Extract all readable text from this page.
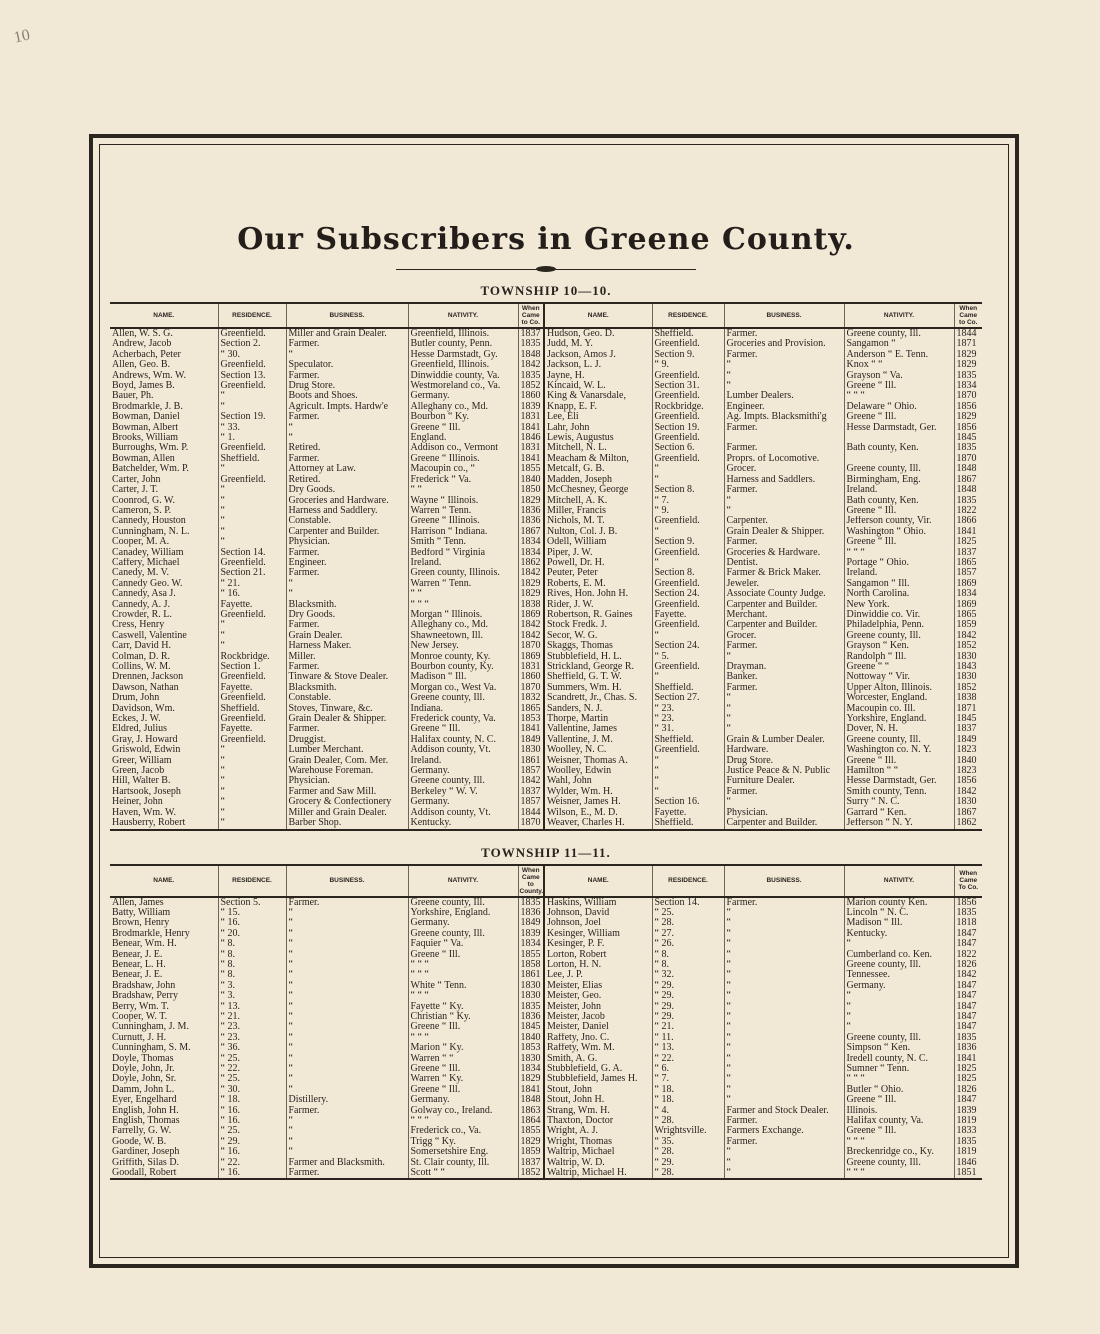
10
Our Subscribers in Greene County.
TOWNSHIP 10—10.
NAME.	RESIDENCE.	BUSINESS.	NATIVITY.	When Came to Co.	NAME.	RESIDENCE.	BUSINESS.	NATIVITY.	When Came to Co.
Allen, W. S. G.	Greenfield.	Miller and Grain Dealer.	Greenfield, Illinois.	1837	Hudson, Geo. D.	Sheffield.	Farmer.	Greene county, Ill.	1844
Andrew, Jacob	Section 2.	Farmer.	Butler county, Penn.	1835	Judd, M. Y.	Greenfield.	Groceries and Provision.	Sangamon “	1871
Acherbach, Peter	“ 30.	“	Hesse Darmstadt, Gy.	1848	Jackson, Amos J.	Section 9.	Farmer.	Anderson “ E. Tenn.	1829
Allen, Geo. B.	Greenfield.	Speculator.	Greenfield, Illinois.	1842	Jackson, L. J.	“ 9.	“	Knox “ “	1829
Andrews, Wm. W.	Section 13.	Farmer.	Dinwiddie county, Va.	1835	Jayne, H.	Greenfield.	“	Grayson “ Va.	1835
Boyd, James B.	Greenfield.	Drug Store.	Westmoreland co., Va.	1852	Kincaid, W. L.	Section 31.	“	Greene “ Ill.	1834
Bauer, Ph.	“	Boots and Shoes.	Germany.	1860	King & Vanarsdale,	Greenfield.	Lumber Dealers.	“ “ “	1870
Brodmarkle, J. B.	“	Agricult. Impts. Hardw'e	Alleghany co., Md.	1839	Knapp, E. F.	Rockbridge.	Engineer.	Delaware “ Ohio.	1856
Bowman, Daniel	Section 19.	Farmer.	Bourbon “ Ky.	1831	Lee, Eli	Greenfield.	Ag. Impts. Blacksmithi'g	Greene “ Ill.	1829
Bowman, Albert	“ 33.	“	Greene “ Ill.	1841	Lahr, John	Section 19.	Farmer.	Hesse Darmstadt, Ger.	1856
Brooks, William	“ 1.	“	England.	1846	Lewis, Augustus	Greenfield.			1845
Burroughs, Wm. P.	Greenfield.	Retired.	Addison co., Vermont	1831	Mitchell, N. L.	Section 6.	Farmer.	Bath county, Ken.	1835
Bowman, Allen	Sheffield.	Farmer.	Greene “ Illinois.	1841	Meacham & Milton,	Greenfield.	Proprs. of Locomotive.		1870
Batchelder, Wm. P.	“	Attorney at Law.	Macoupin co., “	1855	Metcalf, G. B.	“	Grocer.	Greene county, Ill.	1848
Carter, John	Greenfield.	Retired.	Frederick “ Va.	1840	Madden, Joseph	“	Harness and Saddlers.	Birmingham, Eng.	1867
Carter, J. T.	“	Dry Goods.	“ “	1850	McChesney, George	Section 8.	Farmer.	Ireland.	1848
Coonrod, G. W.	“	Groceries and Hardware.	Wayne “ Illinois.	1829	Mitchell, A. K.	“ 7.	“	Bath county, Ken.	1835
Cameron, S. P.	“	Harness and Saddlery.	Warren “ Tenn.	1836	Miller, Francis	“ 9.	“	Greene “ Ill.	1822
Cannedy, Houston	“	Constable.	Greene “ Illinois.	1836	Nichols, M. T.	Greenfield.	Carpenter.	Jefferson county, Vir.	1866
Cunningham, N. L.	“	Carpenter and Builder.	Harrison “ Indiana.	1867	Nulton, Col. J. B.	“	Grain Dealer & Shipper.	Washington “ Ohio.	1841
Cooper, M. A.	“	Physician.	Smith “ Tenn.	1834	Odell, William	Section 9.	Farmer.	Greene “ Ill.	1825
Canadey, William	Section 14.	Farmer.	Bedford “ Virginia	1834	Piper, J. W.	Greenfield.	Groceries & Hardware.	“ “ “	1837
Caffery, Michael	Greenfield.	Engineer.	Ireland.	1862	Powell, Dr. H.	“	Dentist.	Portage “ Ohio.	1865
Canedy, M. V.	Section 21.	Farmer.	Green county, Illinois.	1842	Peuter, Peter	Section 8.	Farmer & Brick Maker.	Ireland.	1857
Cannedy Geo. W.	“ 21.	“	Warren “ Tenn.	1829	Roberts, E. M.	Greenfield.	Jeweler.	Sangamon “ Ill.	1869
Cannedy, Asa J.	“ 16.	“	“ “	1829	Rives, Hon. John H.	Section 24.	Associate County Judge.	North Carolina.	1834
Cannedy, A. J.	Fayette.	Blacksmith.	“ “ “	1838	Rider, J. W.	Greenfield.	Carpenter and Builder.	New York.	1869
Crowder, R. L.	Greenfield.	Dry Goods.	Morgan “ Illinois.	1869	Robertson, R. Gaines	Fayette.	Merchant.	Dinwiddie co. Vir.	1865
Cress, Henry	“	Farmer.	Alleghany co., Md.	1842	Stock Fredk. J.	Greenfield.	Carpenter and Builder.	Philadelphia, Penn.	1859
Caswell, Valentine	“	Grain Dealer.	Shawneetown, Ill.	1842	Secor, W. G.	“	Grocer.	Greene county, Ill.	1842
Carr, David H.	“	Harness Maker.	New Jersey.	1870	Skaggs, Thomas	Section 24.	Farmer.	Grayson “ Ken.	1852
Colman, D. R.	Rockbridge.	Miller.	Monroe county, Ky.	1869	Stubblefield, H. L.	“ 5.	“	Randolph “ Ill.	1830
Collins, W. M.	Section 1.	Farmer.	Bourbon county, Ky.	1831	Strickland, George R.	Greenfield.	Drayman.	Greene “ “	1843
Drennen, Jackson	Greenfield.	Tinware & Stove Dealer.	Madison “ Ill.	1860	Sheffield, G. T. W.	“	Banker.	Nottoway “ Vir.	1830
Dawson, Nathan	Fayette.	Blacksmith.	Morgan co., West Va.	1870	Summers, Wm. H.	Sheffield.	Farmer.	Upper Alton, Illinois.	1852
Drum, John	Greenfield.	Constable.	Greene county, Ill.	1832	Scandrett, Jr., Chas. S.	Section 27.	“	Worcester, England.	1838
Davidson, Wm.	Sheffield.	Stoves, Tinware, &c.	Indiana.	1865	Sanders, N. J.	“ 23.	“	Macoupin co. Ill.	1871
Eckes, J. W.	Greenfield.	Grain Dealer & Shipper.	Frederick county, Va.	1853	Thorpe, Martin	“ 23.	“	Yorkshire, England.	1845
Eldred, Julius	Fayette.	Farmer.	Greene “ Ill.	1841	Vallentine, James	“ 31.	“	Dover, N. H.	1837
Gray, J. Howard	Greenfield.	Druggist.	Halifax county, N. C.	1849	Vallentine, J. M.	Sheffield.	Grain & Lumber Dealer.	Greene county, Ill.	1849
Griswold, Edwin	“	Lumber Merchant.	Addison county, Vt.	1830	Woolley, N. C.	Greenfield.	Hardware.	Washington co. N. Y.	1823
Greer, William	“	Grain Dealer, Com. Mer.	Ireland.	1861	Weisner, Thomas A.	“	Drug Store.	Greene “ Ill.	1840
Green, Jacob	“	Warehouse Foreman.	Germany.	1857	Woolley, Edwin	“	Justice Peace & N. Public	Hamilton “ “	1823
Hill, Walter B.	“	Physician.	Greene county, Ill.	1842	Wahl, John	“	Furniture Dealer.	Hesse Darmstadt, Ger.	1856
Hartsook, Joseph	“	Farmer and Saw Mill.	Berkeley “ W. V.	1837	Wylder, Wm. H.	“	Farmer.	Smith county, Tenn.	1842
Heiner, John	“	Grocery & Confectionery	Germany.	1857	Weisner, James H.	Section 16.	“	Surry “ N. C.	1830
Haven, Wm. W.	“	Miller and Grain Dealer.	Addison county, Vt.	1844	Wilson, E., M. D.	Fayette.	Physician.	Garrard “ Ken.	1867
Hausberry, Robert	“	Barber Shop.	Kentucky.	1870	Weaver, Charles H.	Sheffield.	Carpenter and Builder.	Jefferson “ N. Y.	1862
TOWNSHIP 11—11.
NAME.	RESIDENCE.	BUSINESS.	NATIVITY.	When Came to County.	NAME.	RESIDENCE.	BUSINESS.	NATIVITY.	When Came To Co.
Allen, James	Section 5.	Farmer.	Greene county, Ill.	1835	Haskins, William	Section 14.	Farmer.	Marion county Ken.	1856
Batty, William	“ 15.	“	Yorkshire, England.	1836	Johnson, David	“ 25.	“	Lincoln “ N. C.	1835
Brown, Henry	“ 16.	“	Germany.	1849	Johnson, Joel	“ 28.	“	Madison “ Ill.	1818
Brodmarkle, Henry	“ 20.	“	Greene county, Ill.	1839	Kesinger, William	“ 27.	“	Kentucky.	1847
Benear, Wm. H.	“ 8.	“	Faquier “ Va.	1834	Kesinger, P. F.	“ 26.	“	“	1847
Benear, J. E.	“ 8.	“	Greene “ Ill.	1855	Lorton, Robert	“ 8.	“	Cumberland co. Ken.	1822
Benear, L. H.	“ 8.	“	“ “ “	1858	Lorton, H. N.	“ 8.	“	Greene county, Ill.	1826
Benear, J. E.	“ 8.	“	“ “ “	1861	Lee, J. P.	“ 32.	“	Tennessee.	1842
Bradshaw, John	“ 3.	“	White “ Tenn.	1830	Meister, Elias	“ 29.	“	Germany.	1847
Bradshaw, Perry	“ 3.	“	“ “ “	1830	Meister, Geo.	“ 29.	“	“	1847
Berry, Wm. T.	“ 13.	“	Fayette “ Ky.	1835	Meister, John	“ 29.	“	“	1847
Cooper, W. T.	“ 21.	“	Christian “ Ky.	1836	Meister, Jacob	“ 29.	“	“	1847
Cunningham, J. M.	“ 23.	“	Greene “ Ill.	1845	Meister, Daniel	“ 21.	“	“	1847
Curnutt, J. H.	“ 23.	“	“ “ “	1840	Raffety, Jno. C.	“ 11.	“	Greene county, Ill.	1835
Cunningham, S. M.	“ 36.	“	Marion “ Ky.	1853	Raffety, Wm. M.	“ 13.	“	Simpson “ Ken.	1836
Doyle, Thomas	“ 25.	“	Warren “ “	1830	Smith, A. G.	“ 22.	“	Iredell county, N. C.	1841
Doyle, John, Jr.	“ 22.	“	Greene “ Ill.	1834	Stubblefield, G. A.	“ 6.	“	Sumner “ Tenn.	1825
Doyle, John, Sr.	“ 25.	“	Warren “ Ky.	1829	Stubblefield, James H.	“ 7.	“	“ “ “	1825
Damm, John L.	“ 30.	“	Greene “ Ill.	1841	Stout, John	“ 18.	“	Butler “ Ohio.	1826
Eyer, Engelhard	“ 18.	Distillery.	Germany.	1848	Stout, John H.	“ 18.	“	Greene “ Ill.	1847
English, John H.	“ 16.	Farmer.	Golway co., Ireland.	1863	Strang, Wm. H.	“ 4.	Farmer and Stock Dealer.	Illinois.	1839
English, Thomas	“ 16.	“	“ “ “	1864	Thaxton, Doctor	“ 28.	Farmer.	Halifax county, Va.	1819
Farrelly, G. W.	“ 25.	“	Frederick co., Va.	1855	Wright, A. J.	Wrightsville.	Farmers Exchange.	Greene “ Ill.	1833
Goode, W. B.	“ 29.	“	Trigg “ Ky.	1829	Wright, Thomas	“ 35.	Farmer.	“ “ “	1835
Gardiner, Joseph	“ 16.	“	Somersetshire Eng.	1859	Waltrip, Michael	“ 28.	“	Breckenridge co., Ky.	1819
Griffith, Silas D.	“ 22.	Farmer and Blacksmith.	St. Clair county, Ill.	1837	Waltrip, W. D.	“ 29.	“	Greene county, Ill.	1846
Goodall, Robert	“ 16.	Farmer.	Scott “ “	1852	Waltrip, Michael H.	“ 28.	“	“ “ “	1851
